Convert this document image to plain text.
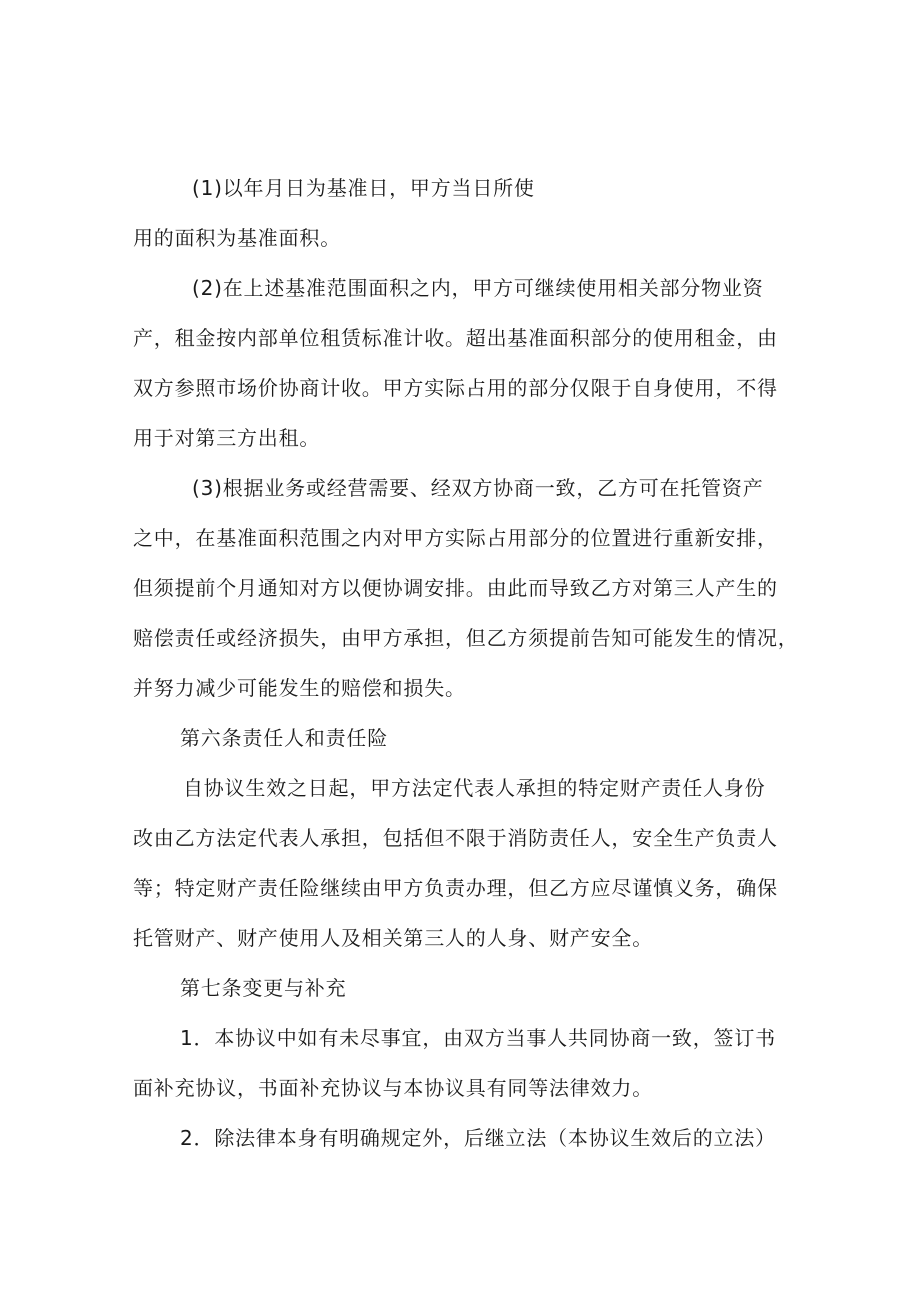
(1)以年月日为基准日，甲方当日所使
用的面积为基准面积。
(2)在上述基准范围面积之内，甲方可继续使用相关部分物业资
产，租金按内部单位租赁标准计收。超出基准面积部分的使用租金，由
双方参照市场价协商计收。甲方实际占用的部分仅限于自身使用，不得
用于对第三方出租。
(3)根据业务或经营需要、经双方协商一致，乙方可在托管资产
之中，在基准面积范围之内对甲方实际占用部分的位置进行重新安排，
但须提前个月通知对方以便协调安排。由此而导致乙方对第三人产生的
赔偿责任或经济损失，由甲方承担，但乙方须提前告知可能发生的情况，
并努力减少可能发生的赔偿和损失。
第六条责任人和责任险
自协议生效之日起，甲方法定代表人承担的特定财产责任人身份
改由乙方法定代表人承担，包括但不限于消防责任人，安全生产负责人
等；特定财产责任险继续由甲方负责办理，但乙方应尽谨慎义务，确保
托管财产、财产使用人及相关第三人的人身、财产安全。
第七条变更与补充
1．本协议中如有未尽事宜，由双方当事人共同协商一致，签订书
面补充协议，书面补充协议与本协议具有同等法律效力。
2．除法律本身有明确规定外，后继立法（本协议生效后的立法）
